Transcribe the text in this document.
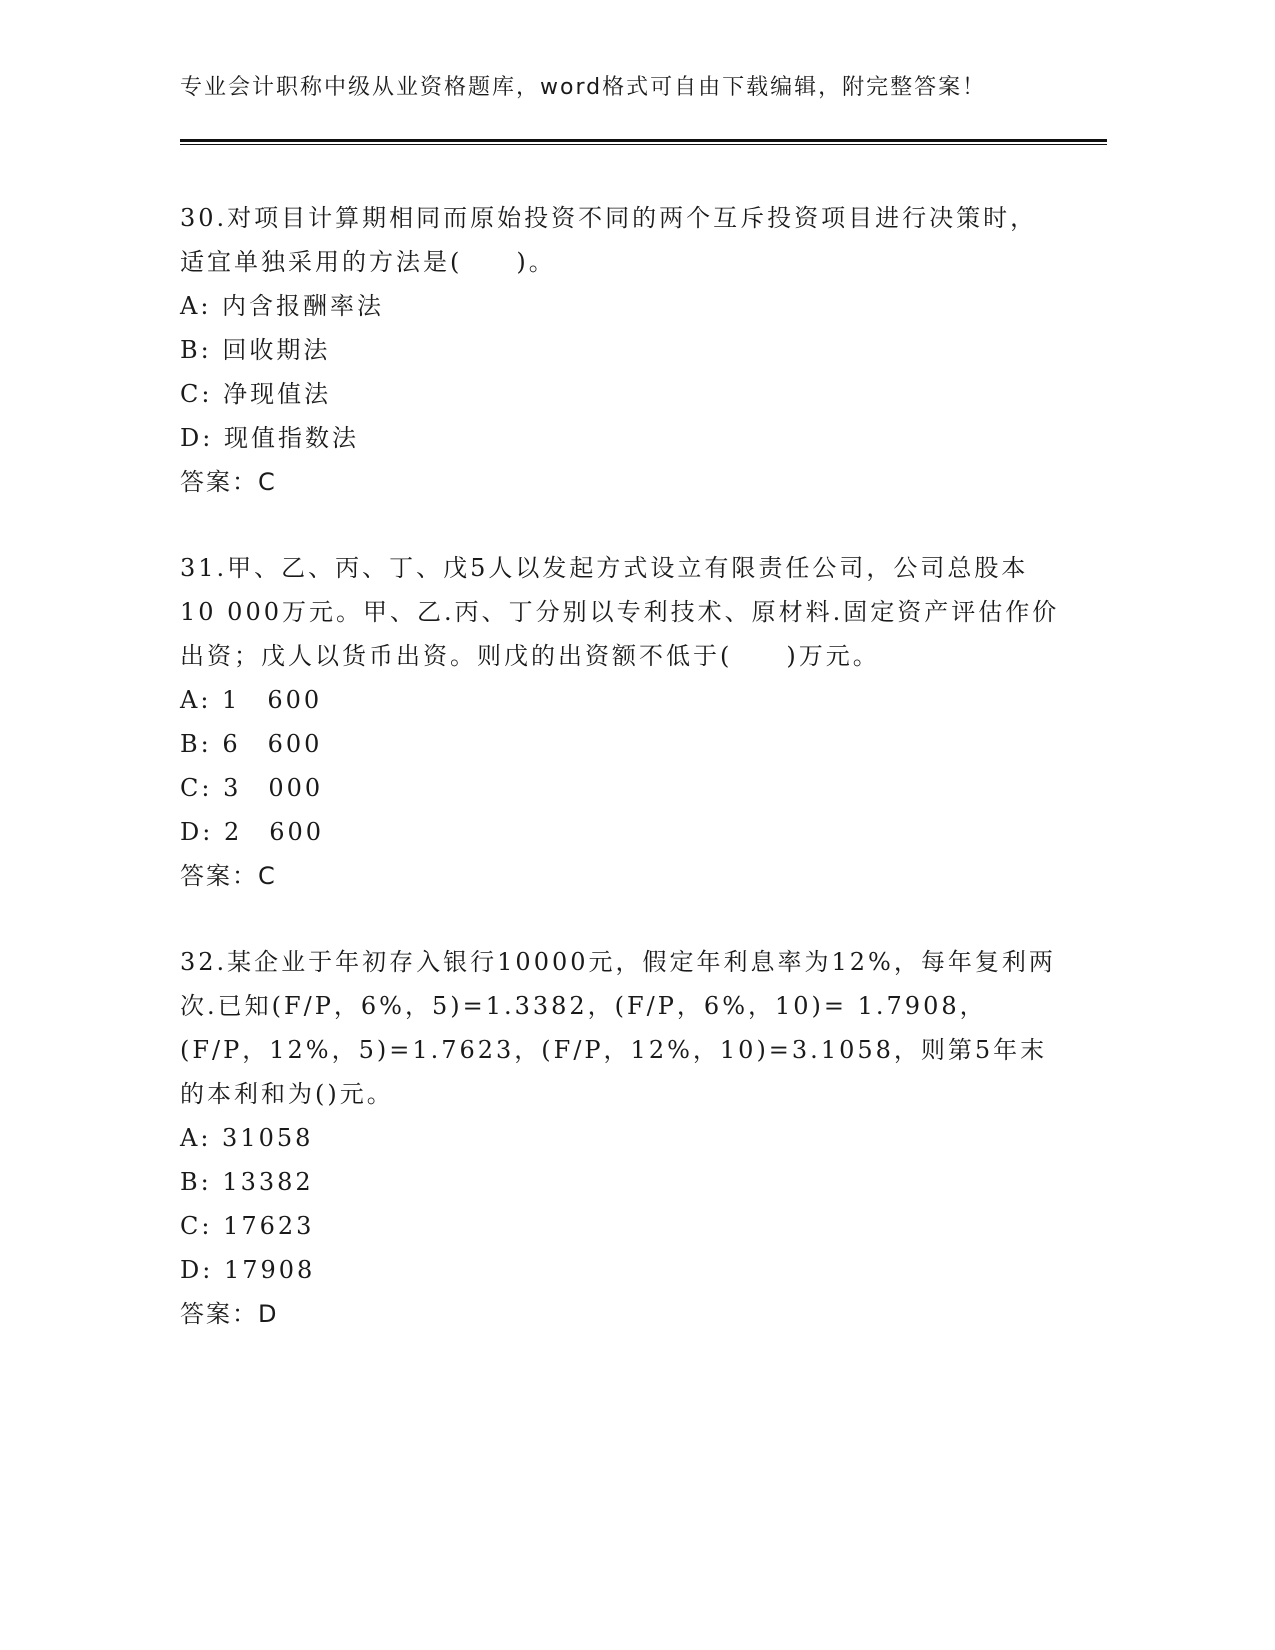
专业会计职称中级从业资格题库，word格式可自由下载编辑，附完整答案！

30.对项目计算期相同而原始投资不同的两个互斥投资项目进行决策时，适宜单独采用的方法是(　　)。

A: 内含报酬率法
B: 回收期法
C: 净现值法
D: 现值指数法
答案：C

31.甲、乙、丙、丁、戊5人以发起方式设立有限责任公司，公司总股本10 000万元。甲、乙.丙、丁分别以专利技术、原材料.固定资产评估作价出资；戊人以货币出资。则戊的出资额不低于(　　)万元。

A: 1　600
B: 6　600
C: 3　000
D: 2　600
答案：C

32.某企业于年初存入银行10000元，假定年利息率为12%，每年复利两次.已知(F/P，6%，5)=1.3382，(F/P，6%，10)= 1.7908，(F/P，12%，5)=1.7623，(F/P，12%，10)=3.1058，则第5年末的本利和为()元。

A: 31058
B: 13382
C: 17623
D: 17908
答案：D
